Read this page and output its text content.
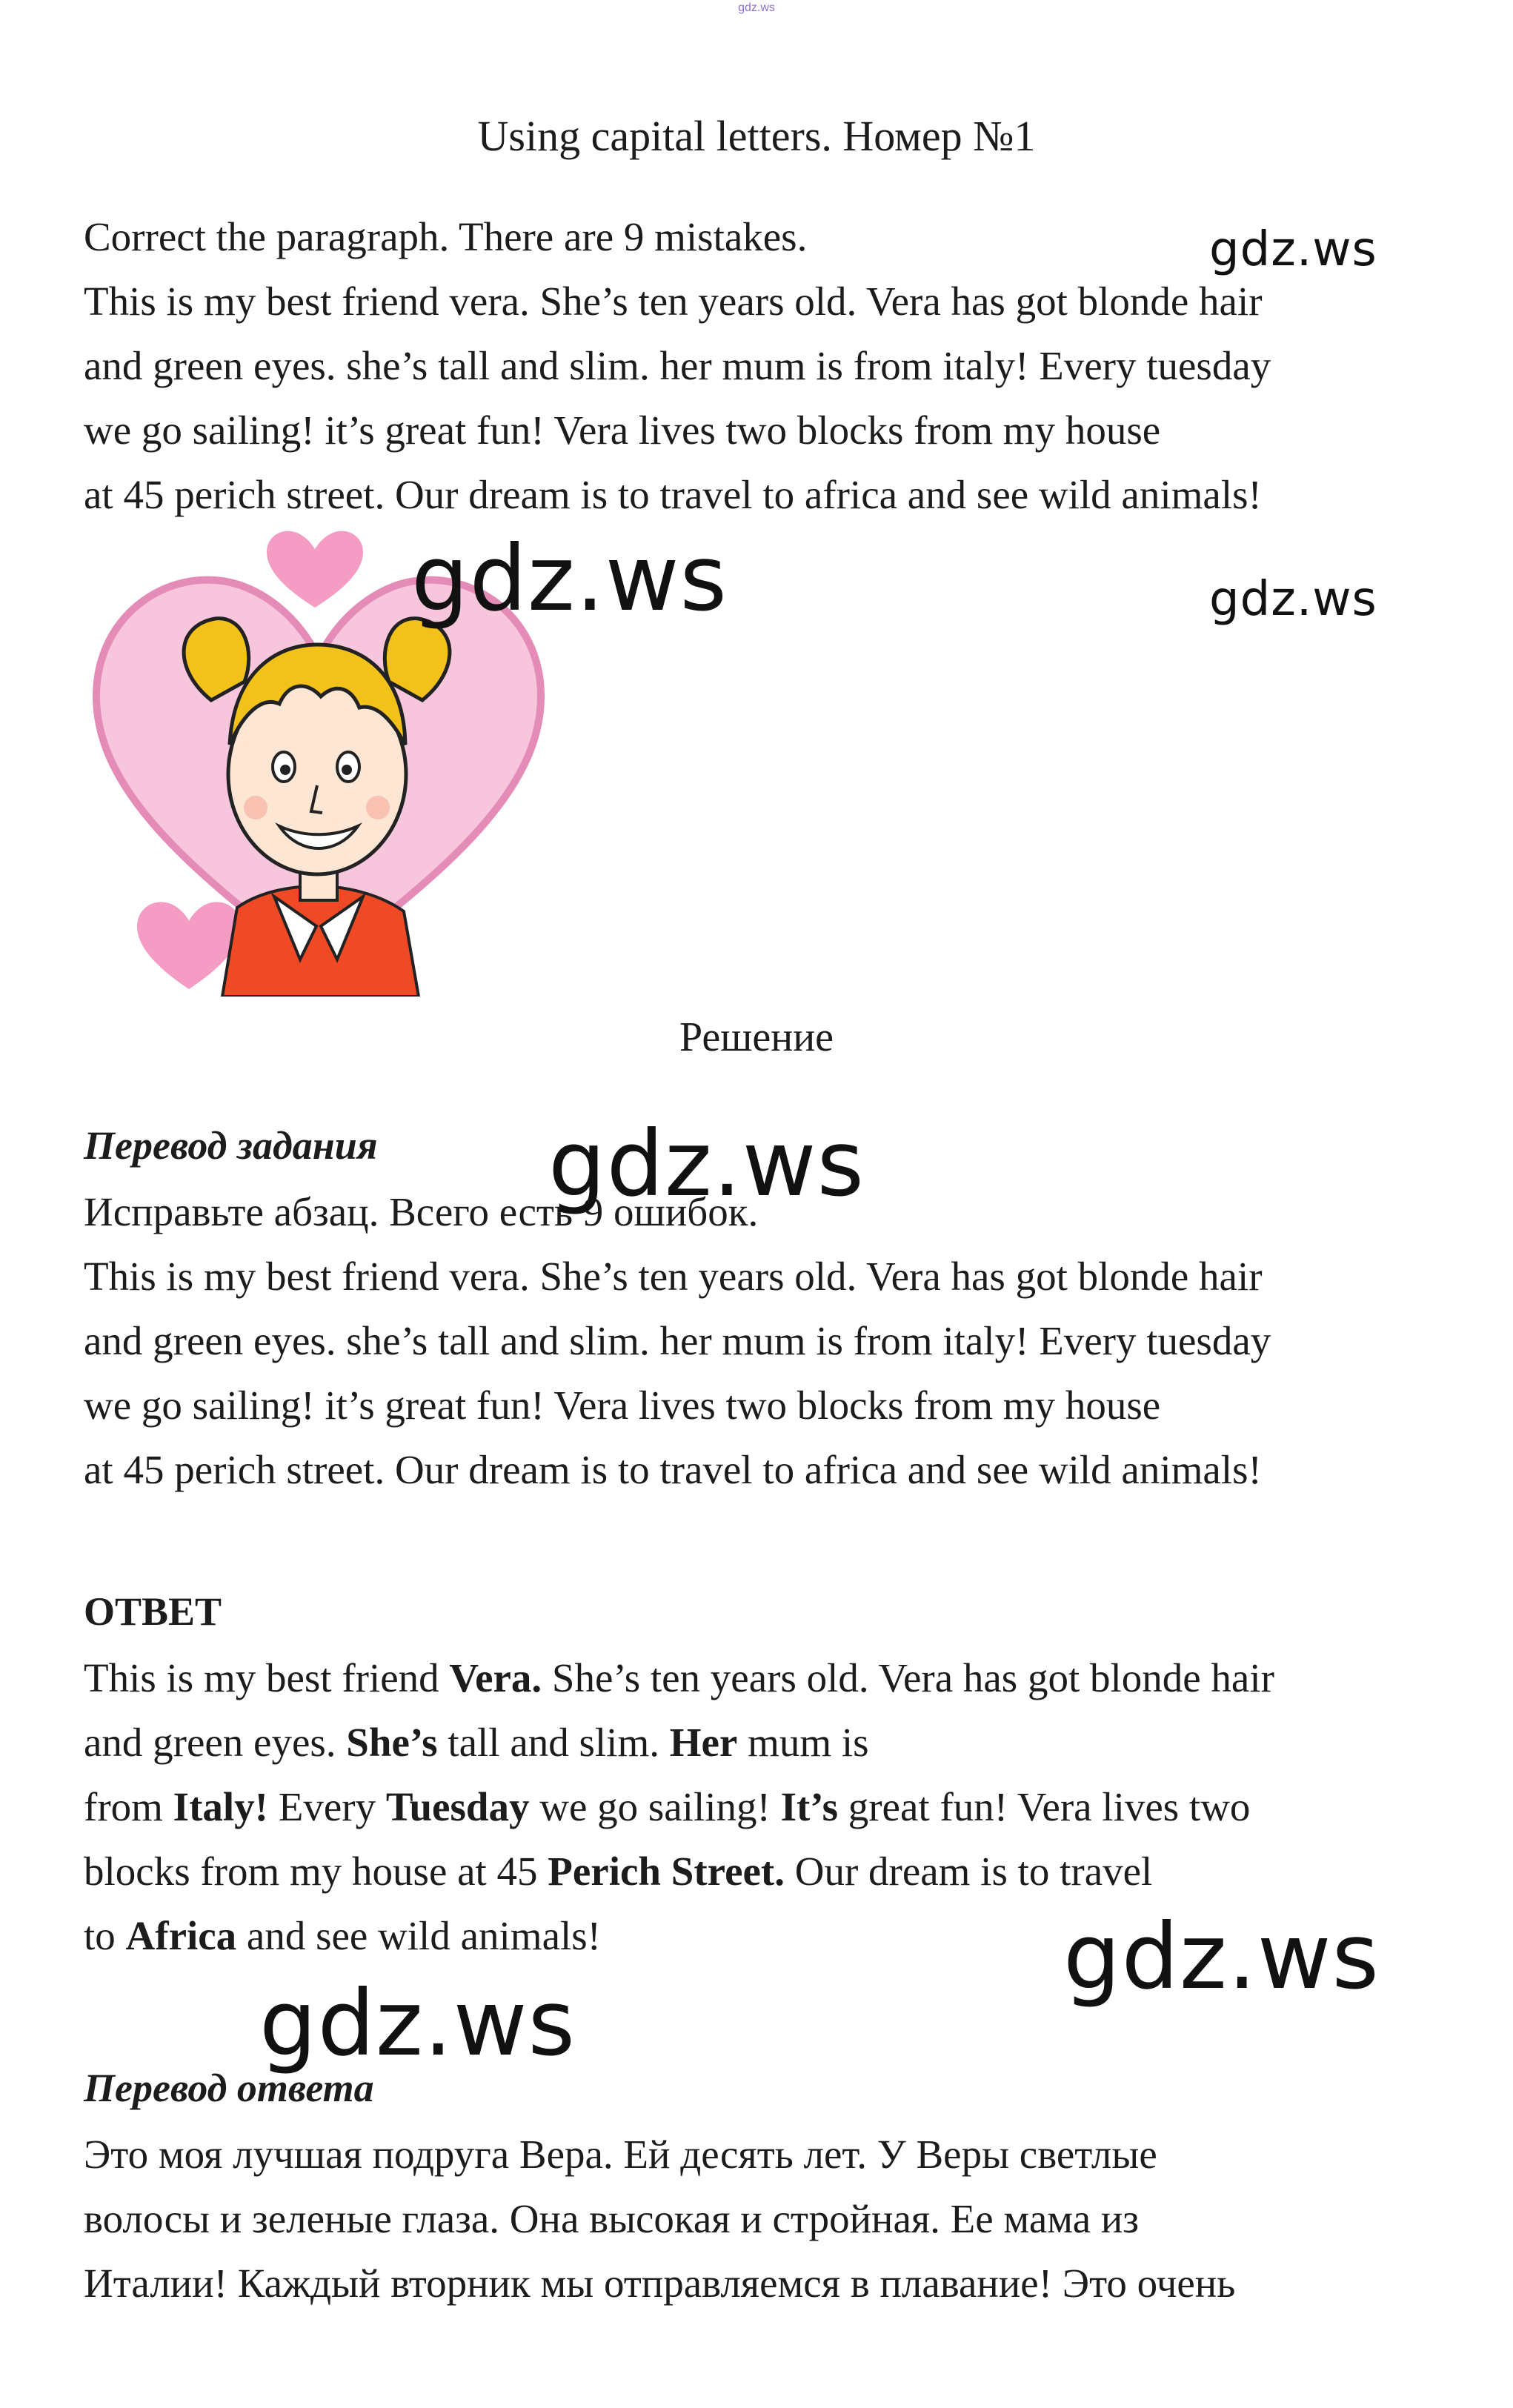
gdz.ws
Using capital letters. Номер №1

Correct the paragraph. There are 9 mistakes.

This is my best friend vera. She’s ten years old. Vera has got blonde hair

and green eyes. she’s tall and slim. her mum is from italy! Every tuesday

we go sailing! it’s great fun! Vera lives two blocks from my house

at 45 perich street. Our dream is to travel to africa and see wild animals!

Решение
Перевод задания

Исправьте абзац. Всего есть 9 ошибок.

This is my best friend vera. She’s ten years old. Vera has got blonde hair

and green eyes. she’s tall and slim. her mum is from italy! Every tuesday

we go sailing! it’s great fun! Vera lives two blocks from my house

at 45 perich street. Our dream is to travel to africa and see wild animals!

ОТВЕТ

This is my best friend Vera. She’s ten years old. Vera has got blonde hair

and green eyes. She’s tall and slim. Her mum is

from Italy! Every Tuesday we go sailing! It’s great fun! Vera lives two

blocks from my house at 45 Perich Street. Our dream is to travel

to Africa and see wild animals!

Перевод ответа

Это моя лучшая подруга Вера. Ей десять лет. У Веры светлые

волосы и зеленые глаза. Она высокая и стройная. Ее мама из

Италии! Каждый вторник мы отправляемся в плавание! Это очень

gdz.ws
gdz.ws	gdz.ws
gdz.ws
gdz.ws
gdz.ws
